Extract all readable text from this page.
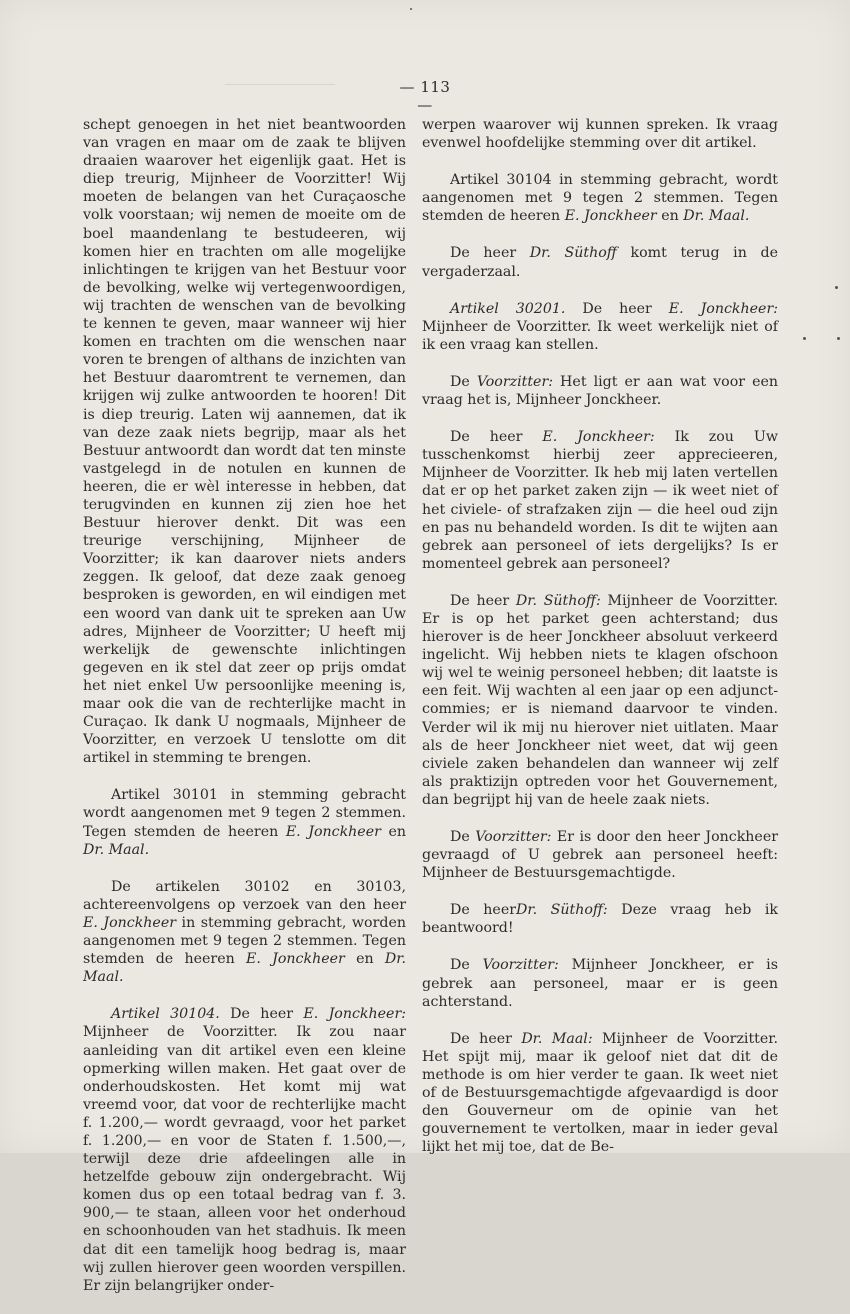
— 113 —

schept genoegen in het niet beantwoorden van vragen en maar om de zaak te blijven draaien waarover het eigenlijk gaat. Het is diep treurig, Mijnheer de Voorzitter! Wij moeten de belangen van het Curaçaosche volk voorstaan; wij nemen de moeite om de boel maandenlang te bestudeeren, wij komen hier en trachten om alle mogelijke inlichtingen te krijgen van het Bestuur voor de bevolking, welke wij vertegenwoordigen, wij trachten de wenschen van de bevolking te kennen te geven, maar wanneer wij hier komen en trachten om die wenschen naar voren te brengen of althans de inzichten van het Bestuur daaromtrent te vernemen, dan krijgen wij zulke antwoorden te hooren! Dit is diep treurig. Laten wij aannemen, dat ik van deze zaak niets begrijp, maar als het Bestuur antwoordt dan wordt dat ten minste vastgelegd in de notulen en kunnen de heeren, die er wèl interesse in hebben, dat terugvinden en kunnen zij zien hoe het Bestuur hierover denkt. Dit was een treurige verschijning, Mijnheer de Voorzitter; ik kan daarover niets anders zeggen. Ik geloof, dat deze zaak genoeg besproken is geworden, en wil eindigen met een woord van dank uit te spreken aan Uw adres, Mijnheer de Voorzitter; U heeft mij werkelijk de gewenschte inlichtingen gegeven en ik stel dat zeer op prijs omdat het niet enkel Uw persoonlijke meening is, maar ook die van de rechterlijke macht in Curaçao. Ik dank U nogmaals, Mijnheer de Voorzitter, en verzoek U tenslotte om dit artikel in stemming te brengen.

Artikel 30101 in stemming gebracht wordt aangenomen met 9 tegen 2 stemmen. Tegen stemden de heeren E. Jonckheer en Dr. Maal.

De artikelen 30102 en 30103, achtereenvolgens op verzoek van den heer E. Jonckheer in stemming gebracht, worden aangenomen met 9 tegen 2 stemmen. Tegen stemden de heeren E. Jonckheer en Dr. Maal.

Artikel 30104. De heer E. Jonckheer: Mijnheer de Voorzitter. Ik zou naar aanleiding van dit artikel even een kleine opmerking willen maken. Het gaat over de onderhoudskosten. Het komt mij wat vreemd voor, dat voor de rechterlijke macht f. 1.200,— wordt gevraagd, voor het parket f. 1.200,— en voor de Staten f. 1.500,—, terwijl deze drie afdeelingen alle in hetzelfde gebouw zijn ondergebracht. Wij komen dus op een totaal bedrag van f. 3. 900,— te staan, alleen voor het onderhoud en schoonhouden van het stadhuis. Ik meen dat dit een tamelijk hoog bedrag is, maar wij zullen hierover geen woorden verspillen. Er zijn belangrijker onder-

werpen waarover wij kunnen spreken. Ik vraag evenwel hoofdelijke stemming over dit artikel.

Artikel 30104 in stemming gebracht, wordt aangenomen met 9 tegen 2 stemmen. Tegen stemden de heeren E. Jonckheer en Dr. Maal.

De heer Dr. Süthoff komt terug in de vergaderzaal.

Artikel 30201. De heer E. Jonckheer: Mijnheer de Voorzitter. Ik weet werkelijk niet of ik een vraag kan stellen.

De Voorzitter: Het ligt er aan wat voor een vraag het is, Mijnheer Jonckheer.

De heer E. Jonckheer: Ik zou Uw tusschenkomst hierbij zeer apprecieeren, Mijnheer de Voorzitter. Ik heb mij laten vertellen dat er op het parket zaken zijn — ik weet niet of het civiele- of strafzaken zijn — die heel oud zijn en pas nu behandeld worden. Is dit te wijten aan gebrek aan personeel of iets dergelijks? Is er momenteel gebrek aan personeel?

De heer Dr. Süthoff: Mijnheer de Voorzitter. Er is op het parket geen achterstand; dus hierover is de heer Jonckheer absoluut verkeerd ingelicht. Wij hebben niets te klagen ofschoon wij wel te weinig personeel hebben; dit laatste is een feit. Wij wachten al een jaar op een adjunct-commies; er is niemand daarvoor te vinden. Verder wil ik mij nu hierover niet uitlaten. Maar als de heer Jonckheer niet weet, dat wij geen civiele zaken behandelen dan wanneer wij zelf als praktizijn optreden voor het Gouvernement, dan begrijpt hij van de heele zaak niets.

De Voorzitter: Er is door den heer Jonckheer gevraagd of U gebrek aan personeel heeft: Mijnheer de Bestuursgemachtigde.

De heerDr. Süthoff: Deze vraag heb ik beantwoord!

De Voorzitter: Mijnheer Jonckheer, er is gebrek aan personeel, maar er is geen achterstand.

De heer Dr. Maal: Mijnheer de Voorzitter. Het spijt mij, maar ik geloof niet dat dit de methode is om hier verder te gaan. Ik weet niet of de Bestuursgemachtigde afgevaardigd is door den Gouverneur om de opinie van het gouvernement te vertolken, maar in ieder geval lijkt het mij toe, dat de Be-
